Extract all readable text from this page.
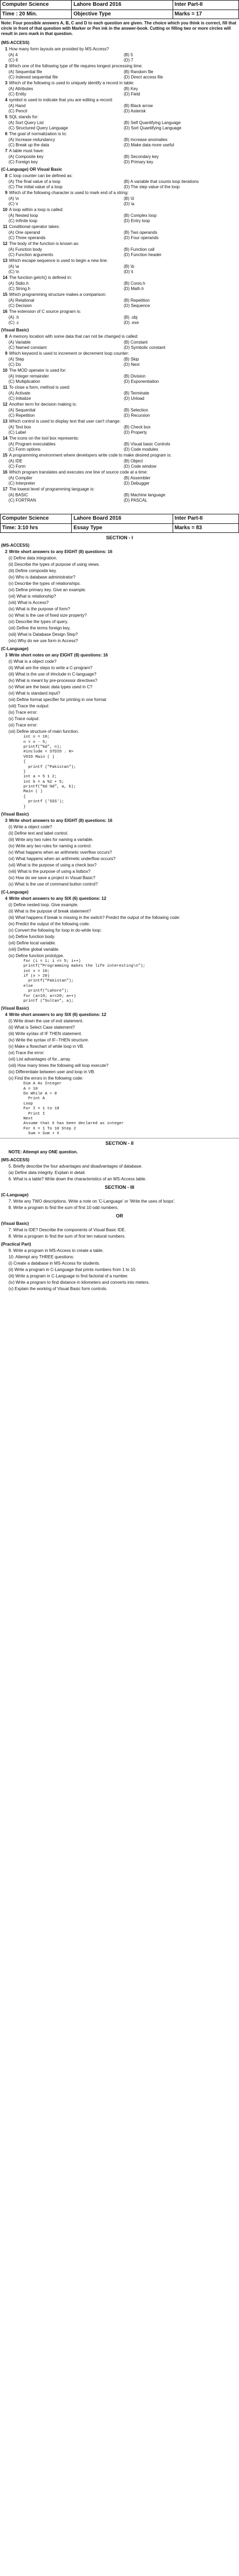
Computer Science	Lahore Board 2016	Inter Part-II
Time : 20 Min.	Objective Type	Marks = 17
Note: Four possible answers A, B, C and D to each question are given. The choice which you think is correct, fill that circle in front of that question with Marker or Pen ink in the answer-book. Cutting or filling two or more circles will result in zero mark in that question.
(MS-ACCESS)
1 How many form layouts are provided by MS-Access?
(A) 4	(B) 5
(C) 6	(D) 7
2 Which one of the following type of file requires longest processing time:
(A) Sequential file	(B) Random file
(C) Indexed sequential file	(D) Direct access file
3 Which of the following is used to uniquely identify a record in table:
(A) Attributes	(B) Key
(C) Entity	(D) Field
4 symbol is used to indicate that you are editing a record:
(A) Hand	(B) Black arrow
(C) Pencil	(D) Asterisk
5 SQL stands for:
(A) Sort Query List	(B) Self Quantifying Language
(C) Structured Query Language	(D) Sort Quantifying Language
6 The goal of normalization is to:
(A) Increase redundancy	(B) Increase anomalies
(C) Break up the data	(D) Make data more useful
7 A table must have:
(A) Composite key	(B) Secondary key
(C) Foreign key	(D) Primary key
(C-Language) OR Visual Basic
8 C loop counter can be defined as:
(A) The final value of a loop	(B) A variable that counts loop iterations
(C) The initial value of a loop	(D) The step value of the loop
9 Which of the following character is used to mark end of a string:
(A) \n	(B) \0
(C) \r	(D) \a
10 A loop within a loop is called:
(A) Nested loop	(B) Complex loop
(C) Infinite loop	(D) Entry loop
11 Conditional operator takes:
(A) One operand	(B) Two operands
(C) Three operands	(D) Four operands
12 The body of the function is known as:
(A) Function body	(B) Function call
(C) Function arguments	(D) Function header
13 Which escape sequence is used to begin a new line:
(A) \a	(B) \b
(C) \n	(D) \t
14 The function getch() is defined in:
(A) Stdio.h	(B) Conio.h
(C) String.h	(D) Math.h
15 Which programming structure makes a comparison:
(A) Relational	(B) Repetition
(C) Decision	(D) Sequence
16 The extension of C source program is:
(A) .h	(B) .obj
(C) .c	(D) .exe
(Visual Basic)
8 A memory location with some data that can not be changed is called:
(A) Variable	(B) Constant
(C) Named constant	(D) Symbolic constant
9 Which keyword is used to increment or decrement loop counter:
(A) Step	(B) Skip
(C) Do	(D) Next
10 The MOD operator is used for:
(A) Integer remainder	(B) Division
(C) Multiplication	(D) Exponentiation
11 To close a form, method is used:
(A) Activate	(B) Terminate
(C) Initialize	(D) Unload
12 Another term for decision making is:
(A) Sequential	(B) Selection
(C) Repetition	(D) Recursion
13 Which control is used to display text that user can't change:
(A) Text box	(B) Check box
(C) Label	(D) Property
14 The icons on the tool box represents:
(A) Program executables	(B) Visual basic Controls
(C) Form options	(D) Code modules
15 A programming environment where developers write code to make desired program is:
(A) IDE	(B) Object
(C) Form	(D) Code window
16 Which program translates and executes one line of source code at a time:
(A) Compiler	(B) Assembler
(C) Interpreter	(D) Debugger
17 The lowest level of programming language is:
(A) BASIC	(B) Machine language
(C) FORTRAN	(D) PASCAL
Computer Science	Lahore Board 2016	Inter Part-II
Time: 3:10 hrs	Essay Type	Marks = 83
SECTION - I
(MS-ACCESS)
2 Write short answers to any EIGHT (8) questions: 16
(i) Define data integration.
(ii) Describe the types of purpose of using views.
(iii) Define composite key.
(iv) Who is database administrator?
(v) Describe the types of relationships.
(vi) Define primary key. Give an example.
(vii) What is relationship?
(viii) What is Access?
(ix) What is the purpose of form?
(x) What is the use of fixed size property?
(xi) Describe the types of query.
(xii) Define the terms foreign key.
(xiii) What is Database Design Step?
(xiv) Why do we use form in Access?
(C-Language)
3 Write short notes on any EIGHT (8) questions: 16
(i) What is a object code?
(ii) What are the steps to write a C-program?
(iii) What is the use of #include in C-language?
(iv) What is meant by pre-processor directives?
(v) What are the basic data types used in C?
(vi) What is standard input?
(vii) Define format specifier for printing in one format
(viii) Trace the output:
(ix) Trace error:
(x) Trace output:
(xi) Trace error:
(xii) Define structure of main function.
int n = 10;
n = n - 5;
printf("%d", n);
#include < STDIO . H>
VOID Main ( )
{
printf ("Pakistan");
}
int a = 5 1 2;
int b = a %2 + 5;
printf("%d %d", a, b);
Main ( )
{
printf ('SSS');
}
(Visual Basic)
3 Write short answers to any EIGHT (8) questions: 16
(i) Write a object code?
(ii) Define text and label control.
(iii) Write any two rules for naming a variable.
(iv) Write any two rules for naming a control.
(v) What happens when an arithmetic overflow occurs?
(vi) What happens when an arithmetic underflow occurs?
(vii) What is the purpose of using a check box?
(viii) What is the purpose of using a listbox?
(ix) How do we save a project in Visual Basic?
(x) What is the use of command button control?
(C-Language)
4 Write short answers to any SIX (6) questions: 12
(i) Define nested loop. Give example.
(ii) What is the purpose of break statement?
(iii) What happens if break is missing in the switch? Predict the output of the following code:
(iv) Predict the output of the following code.
(v) Convert the following for loop in do-while loop:
(vi) Define function body.
(vii) Define local variable.
(viii) Define global variable.
(ix) Define function prototype.
for (i = 1; i <= 5; i++)
printf("Programming makes the life interesting\n");
int x = 10;
if (x > 20)
printf("Pakistan");
else
printf("Lahore");
for (a=10; a<=20; a++)
printf ("Sultan", a);
(Visual Basic)
4 Write short answers to any SIX (6) questions: 12
(i) Write down the use of exit statement.
(ii) What is Select Case statement?
(iii) Write syntax of IF THEN statement.
(iv) Write the syntax of IF--THEN structure.
(v) Make a flowchart of while loop in VB.
(vi) Trace the error:
(vii) List advantages of for...array.
(viii) How many times the following will loop execute?
(ix) Differentiate between user and loop in VB.
(x) Find the errors in the following code:
Dim A As Integer
A = 10
Do While A > 0
Print A
Loop
For I = 1 to 10
Print I
Next
Assume that X has been declared as integer
For X = 1 To 10 Step 2
Sum = Sum + X
SECTION - II
NOTE: Attempt any ONE question.
(MS-ACCESS)
5. Briefly describe the four advantages and disadvantages of database.
(a) Define data integrity. Explain in detail.
6. What is a table? Write down the characteristics of an MS-Access table.
SECTION - III
(C-Language)
7. Write any TWO descriptions. Write a note on 'C-Language' or 'Write the uses of loops'.
8. Write a program to find the sum of first 10 odd numbers.
OR
(Visual Basic)
7. What is IDE? Describe the components of Visual Basic IDE.
8. Write a program to find the sum of first ten natural numbers.
(Practical Part)
9. Write a program in MS-Access to create a table.
10. Attempt any THREE questions:
(i) Create a database in MS-Access for students.
(ii) Write a program in C-Language that prints numbers from 1 to 10.
(iii) Write a program in C-Language to find factorial of a number.
(iv) Write a program to find distance in kilometers and converts into meters.
(v) Explain the working of Visual Basic form controls.
